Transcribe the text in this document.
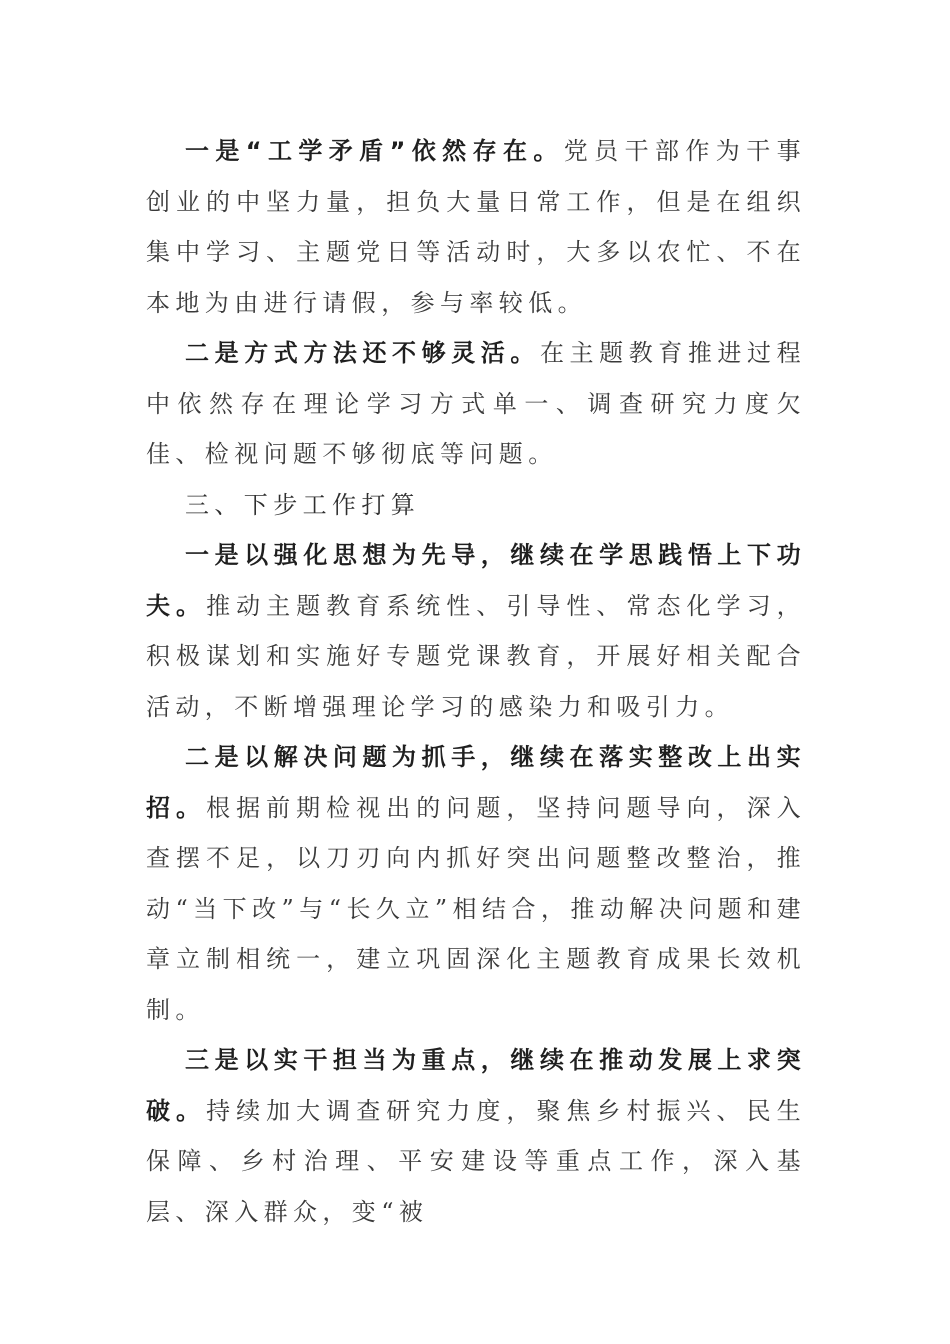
一是“工学矛盾”依然存在。党员干部作为干事创业的中坚力量，担负大量日常工作，但是在组织集中学习、主题党日等活动时，大多以农忙、不在本地为由进行请假，参与率较低。

二是方式方法还不够灵活。在主题教育推进过程中依然存在理论学习方式单一、调查研究力度欠佳、检视问题不够彻底等问题。

三、下步工作打算

一是以强化思想为先导，继续在学思践悟上下功夫。推动主题教育系统性、引导性、常态化学习，积极谋划和实施好专题党课教育，开展好相关配合活动，不断增强理论学习的感染力和吸引力。

二是以解决问题为抓手，继续在落实整改上出实招。根据前期检视出的问题，坚持问题导向，深入查摆不足，以刀刃向内抓好突出问题整改整治，推动“当下改”与“长久立”相结合，推动解决问题和建章立制相统一，建立巩固深化主题教育成果长效机制。

三是以实干担当为重点，继续在推动发展上求突破。持续加大调查研究力度，聚焦乡村振兴、民生保障、乡村治理、平安建设等重点工作，深入基层、深入群众，变“被
